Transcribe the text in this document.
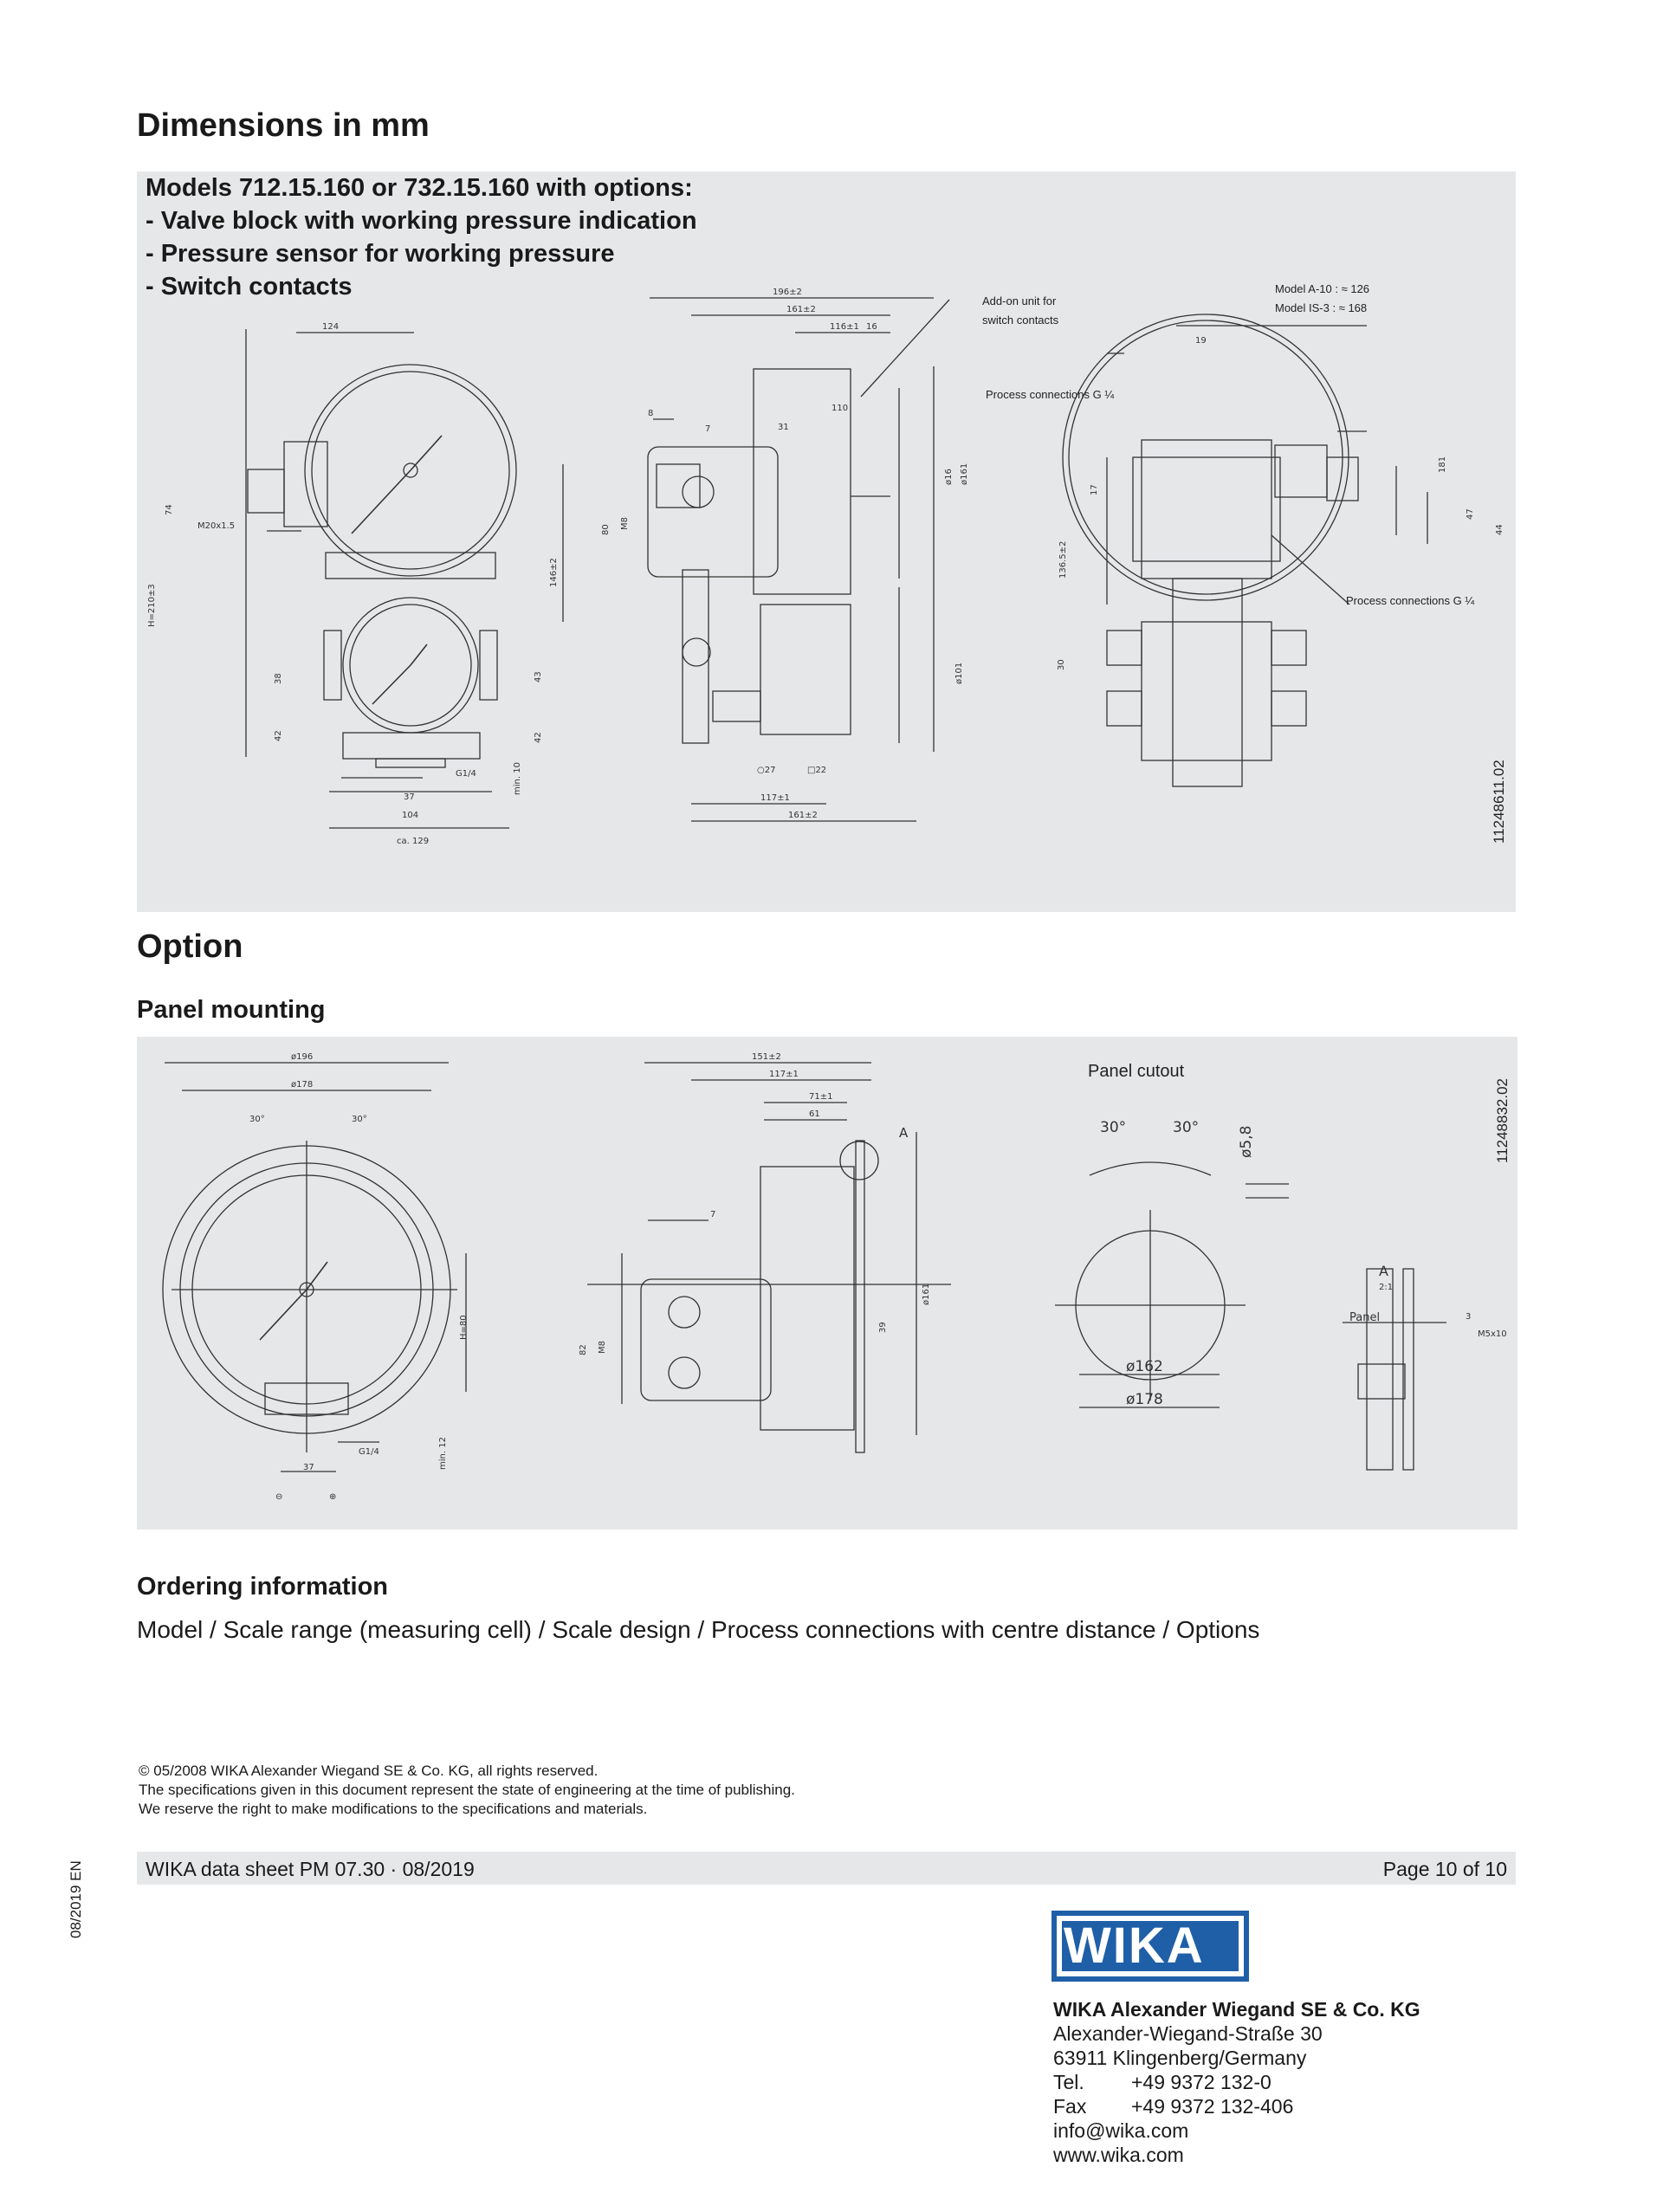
Dimensions in mm
Models 712.15.160 or 732.15.160 with options:
- Valve block with working pressure indication
- Pressure sensor for working pressure
- Switch contacts
124
74
M20x1.5
H=210±3
146±2
38
42
43
42
G1/4	min. 10
37
104
ca. 129
196±2
161±2
116±1 16
110
8
7	31
80 M8
ø16 ø161
ø101
○27	□22
117±1
161±2
Add-on unit for
switch contacts
Process connections G ¼
Model A-10 : ≈ 126
Model IS-3 : ≈ 168
Process connections G ¼
19
181
17
47
44
136.5±2
30
11248611.02
Option
Panel mounting
ø196
ø178
30°	30°
H=80
G1/4	min. 12
37
⊖	⊕
151±2
117±1
71±1
61
A
7
ø161
39
82 M8
Panel cutout
30°	30°	ø5,8
ø162
ø178
A
2:1
Panel	3
M5x10
11248832.02
Ordering information
Model / Scale range (measuring cell) / Scale design / Process connections with centre distance / Options
© 05/2008 WIKA Alexander Wiegand SE & Co. KG, all rights reserved.
The specifications given in this document represent the state of engineering at the time of publishing.
We reserve the right to make modifications to the specifications and materials.
WIKA data sheet PM 07.30 · 08/2019	Page 10 of 10
08/2019 EN
WIKA
WIKA Alexander Wiegand SE & Co. KG
Alexander-Wiegand-Straße 30
63911 Klingenberg/Germany
Tel. +49 9372 132-0
Fax +49 9372 132-406
info@wika.com
www.wika.com
